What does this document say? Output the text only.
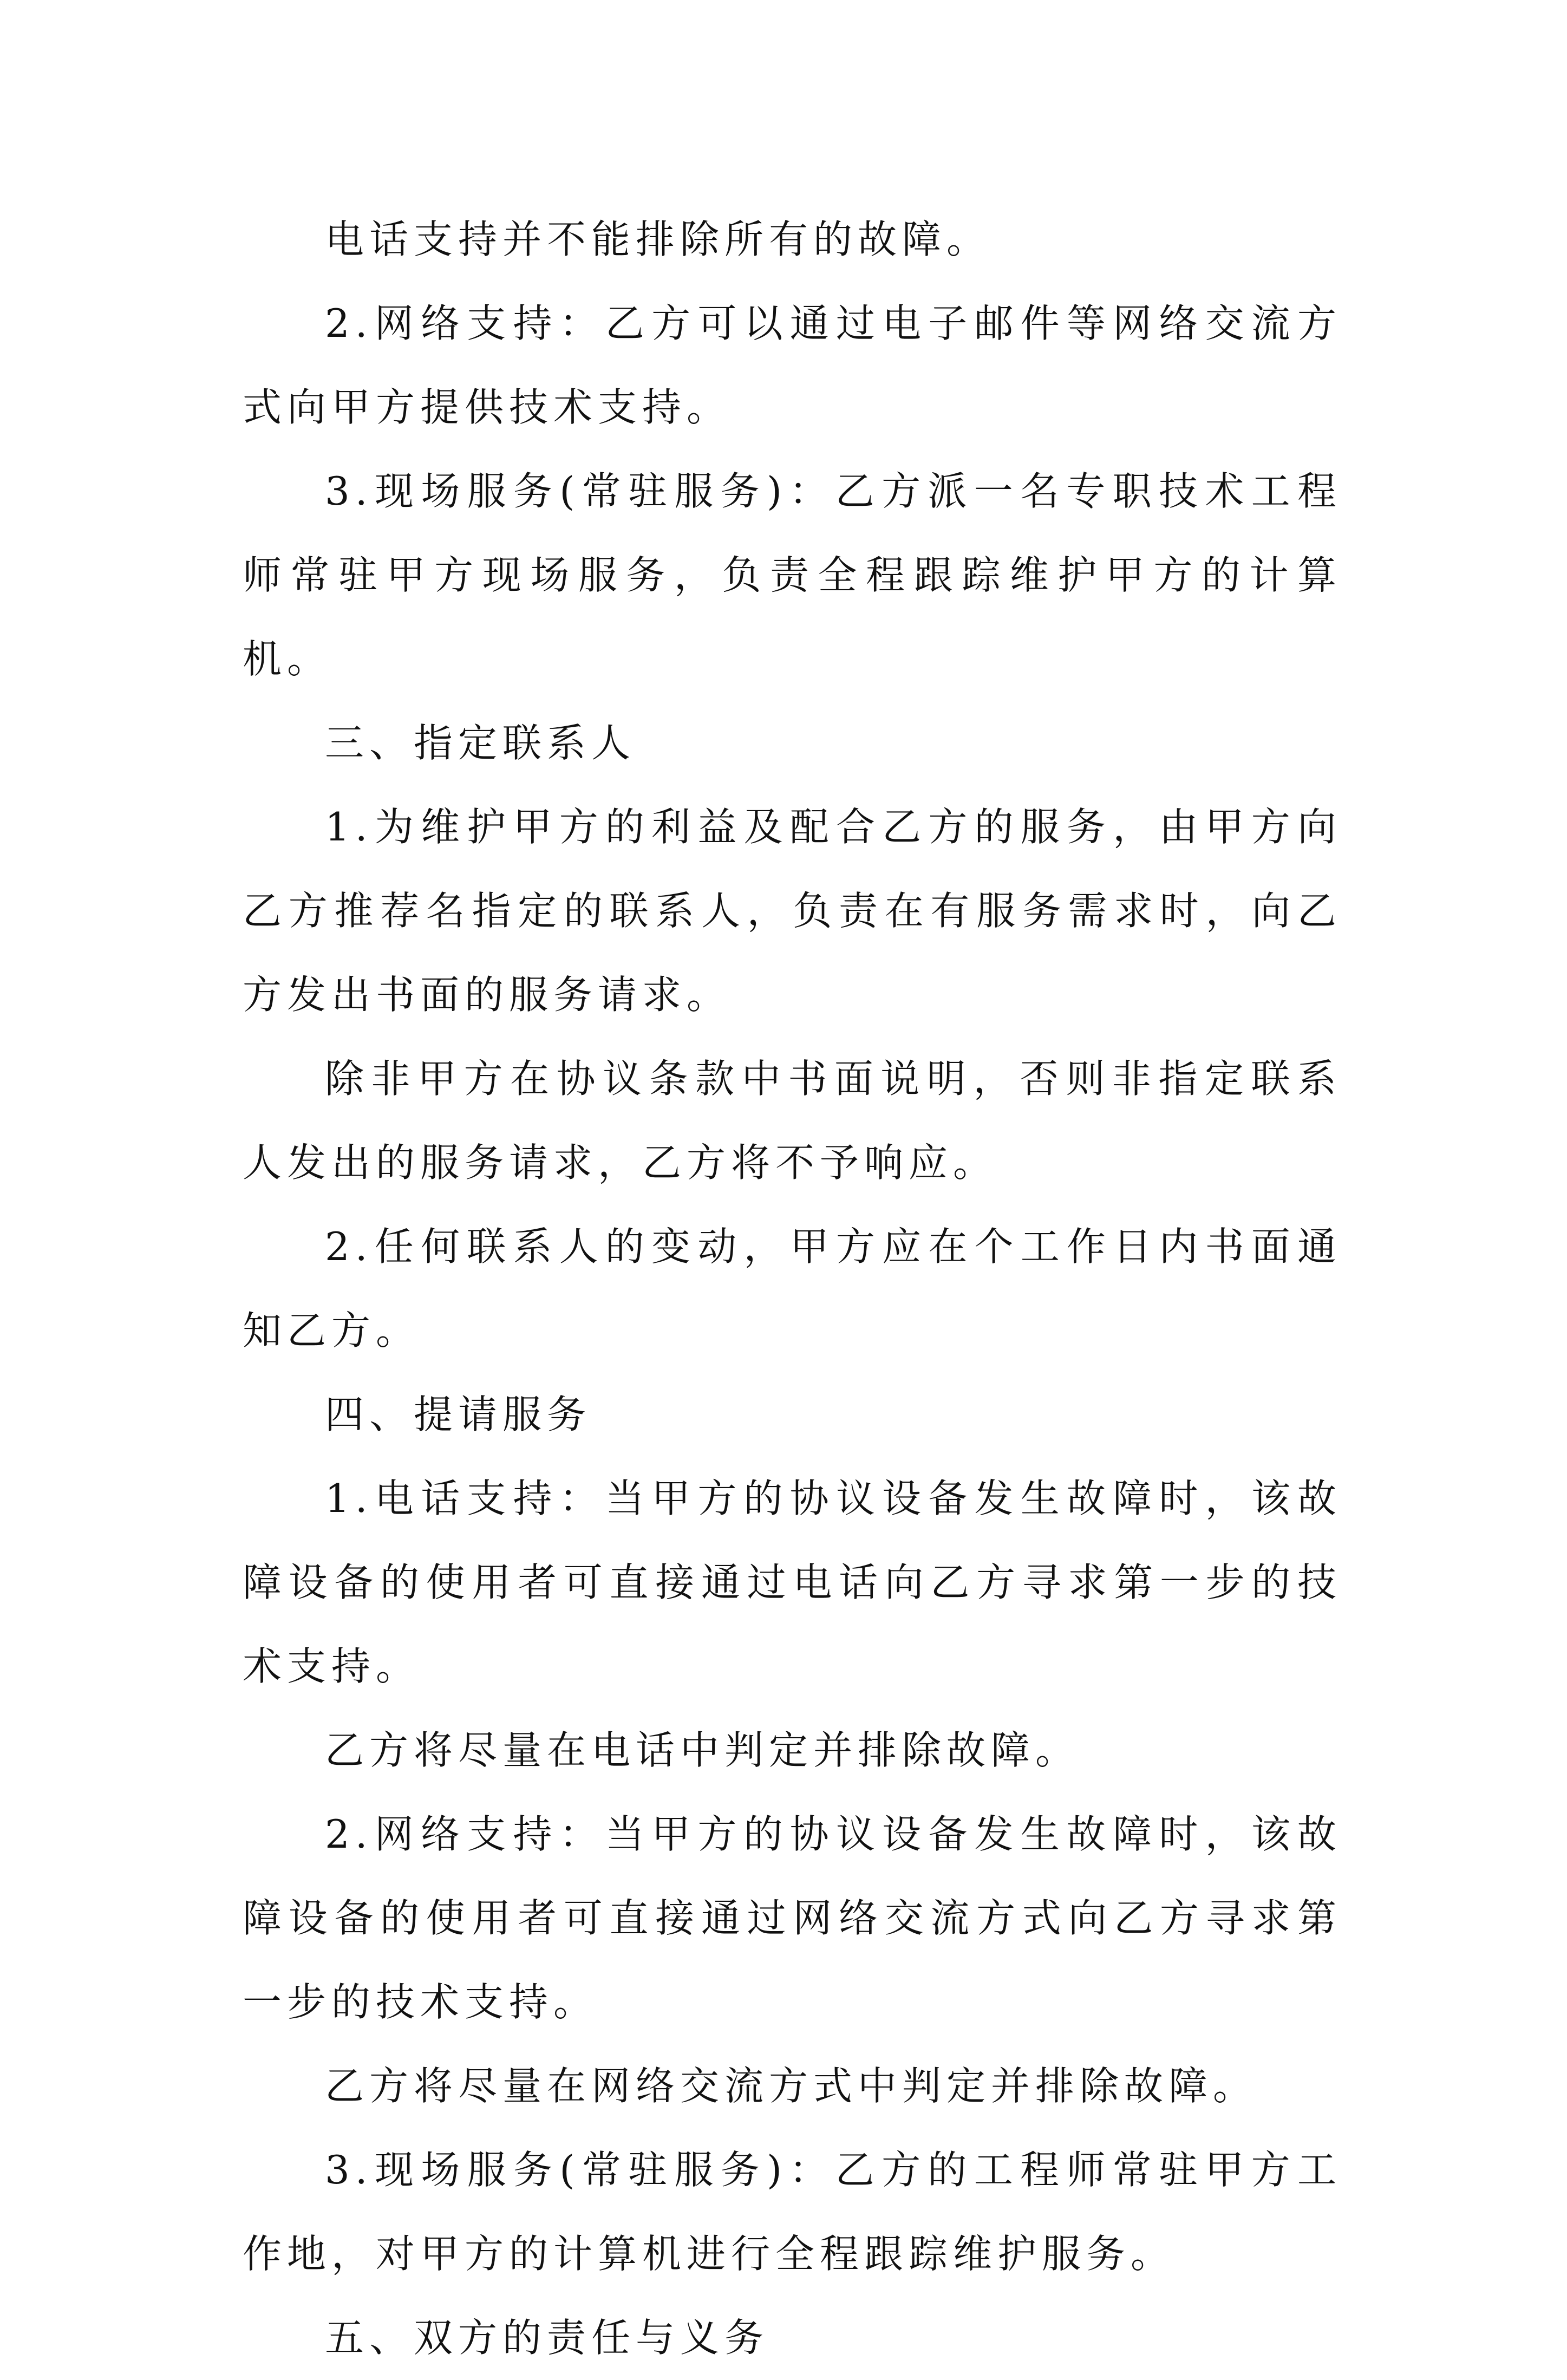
电话支持并不能排除所有的故障。

2.网络支持：乙方可以通过电子邮件等网络交流方式向甲方提供技术支持。

3.现场服务(常驻服务)：乙方派一名专职技术工程师常驻甲方现场服务，负责全程跟踪维护甲方的计算机。

三、指定联系人

1.为维护甲方的利益及配合乙方的服务，由甲方向乙方推荐名指定的联系人，负责在有服务需求时，向乙方发出书面的服务请求。

除非甲方在协议条款中书面说明，否则非指定联系人发出的服务请求，乙方将不予响应。

2.任何联系人的变动，甲方应在个工作日内书面通知乙方。

四、提请服务

1.电话支持：当甲方的协议设备发生故障时，该故障设备的使用者可直接通过电话向乙方寻求第一步的技术支持。

乙方将尽量在电话中判定并排除故障。

2.网络支持：当甲方的协议设备发生故障时，该故障设备的使用者可直接通过网络交流方式向乙方寻求第一步的技术支持。

乙方将尽量在网络交流方式中判定并排除故障。

3.现场服务(常驻服务)：乙方的工程师常驻甲方工作地，对甲方的计算机进行全程跟踪维护服务。

五、双方的责任与义务
